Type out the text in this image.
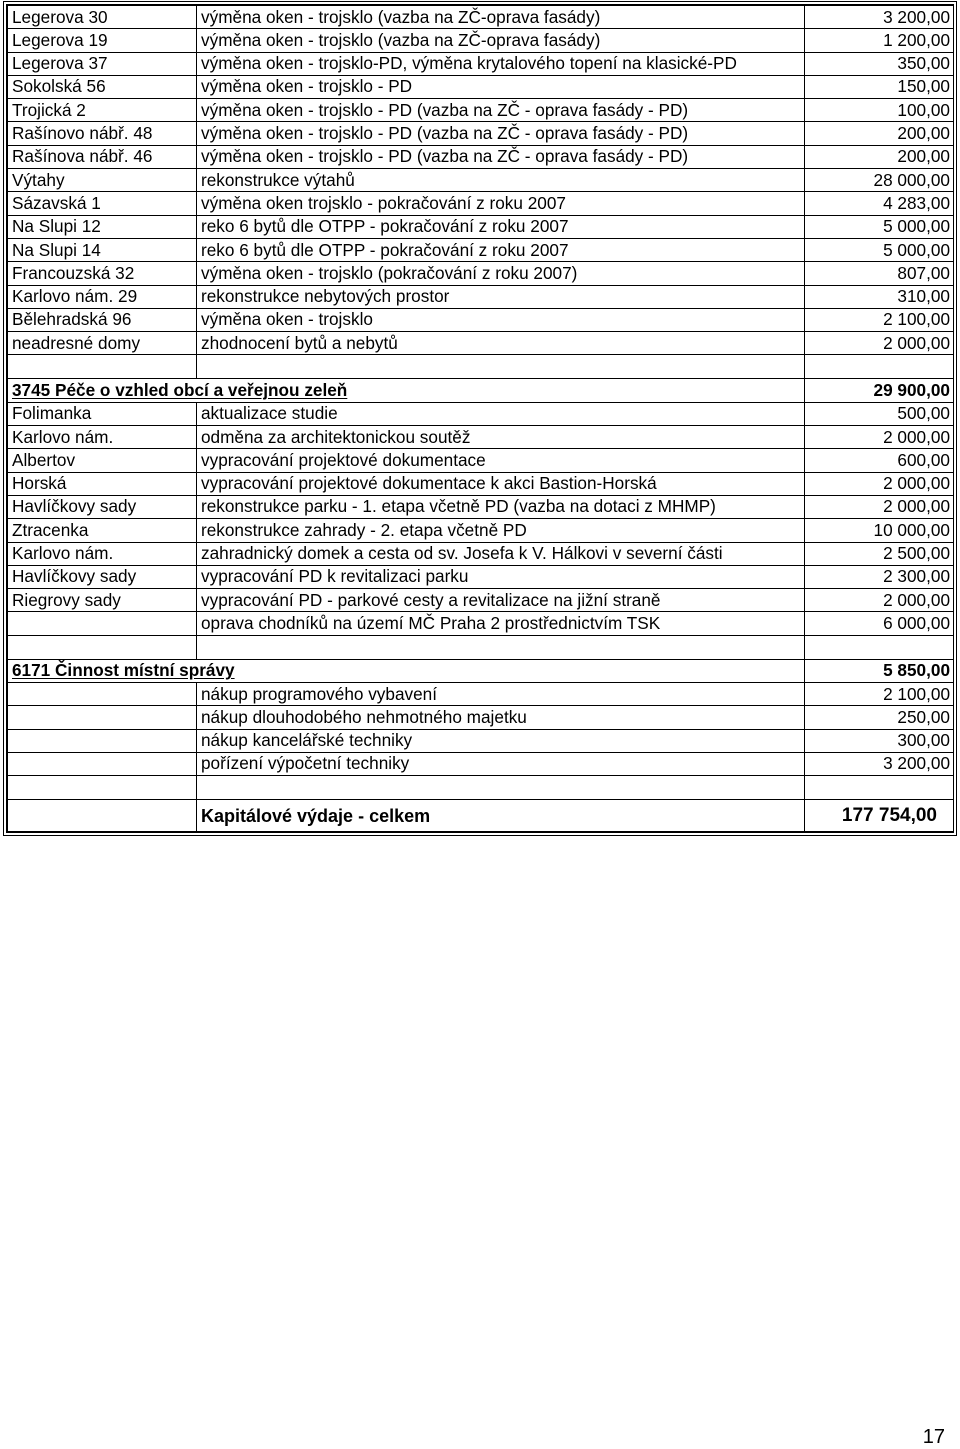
Legerova 30	výměna oken - trojsklo (vazba na ZČ-oprava fasády)	3 200,00
Legerova 19	výměna oken - trojsklo (vazba na ZČ-oprava fasády)	1 200,00
Legerova 37	výměna oken - trojsklo-PD, výměna krytalového topení na klasické-PD	350,00
Sokolská 56	výměna oken - trojsklo - PD	150,00
Trojická 2	výměna oken - trojsklo - PD (vazba na ZČ - oprava fasády - PD)	100,00
Rašínovo nábř. 48	výměna oken - trojsklo - PD (vazba na ZČ - oprava fasády - PD)	200,00
Rašínova nábř. 46	výměna oken - trojsklo - PD (vazba na ZČ - oprava fasády - PD)	200,00
Výtahy	rekonstrukce výtahů	28 000,00
Sázavská 1	výměna oken trojsklo - pokračování z roku 2007	4 283,00
Na Slupi 12	reko 6 bytů dle OTPP - pokračování z roku 2007	5 000,00
Na Slupi 14	reko 6 bytů dle OTPP - pokračování z roku 2007	5 000,00
Francouzská 32	výměna oken - trojsklo (pokračování z roku 2007)	807,00
Karlovo nám. 29	rekonstrukce nebytových prostor	310,00
Bělehradská 96	výměna oken - trojsklo	2 100,00
neadresné domy	zhodnocení bytů a nebytů	2 000,00

3745 Péče o vzhled obcí a veřejnou zeleň		29 900,00
Folimanka	aktualizace studie	500,00
Karlovo nám.	odměna za architektonickou soutěž	2 000,00
Albertov	vypracování projektové dokumentace	600,00
Horská	vypracování projektové dokumentace k akci Bastion-Horská	2 000,00
Havlíčkovy sady	rekonstrukce parku - 1. etapa včetně PD (vazba na dotaci z MHMP)	2 000,00
Ztracenka	rekonstrukce zahrady - 2. etapa včetně PD	10 000,00
Karlovo nám.	zahradnický domek a cesta od sv. Josefa k V. Hálkovi v severní části	2 500,00
Havlíčkovy sady	vypracování PD k revitalizaci parku	2 300,00
Riegrovy sady	vypracování PD - parkové cesty a revitalizace na jižní straně	2 000,00
	oprava chodníků na území MČ Praha 2 prostřednictvím TSK	6 000,00

6171 Činnost místní správy		5 850,00
	nákup programového vybavení	2 100,00
	nákup dlouhodobého nehmotného majetku	250,00
	nákup kancelářské techniky	300,00
	pořízení výpočetní techniky	3 200,00

	Kapitálové výdaje - celkem	177 754,00
17
